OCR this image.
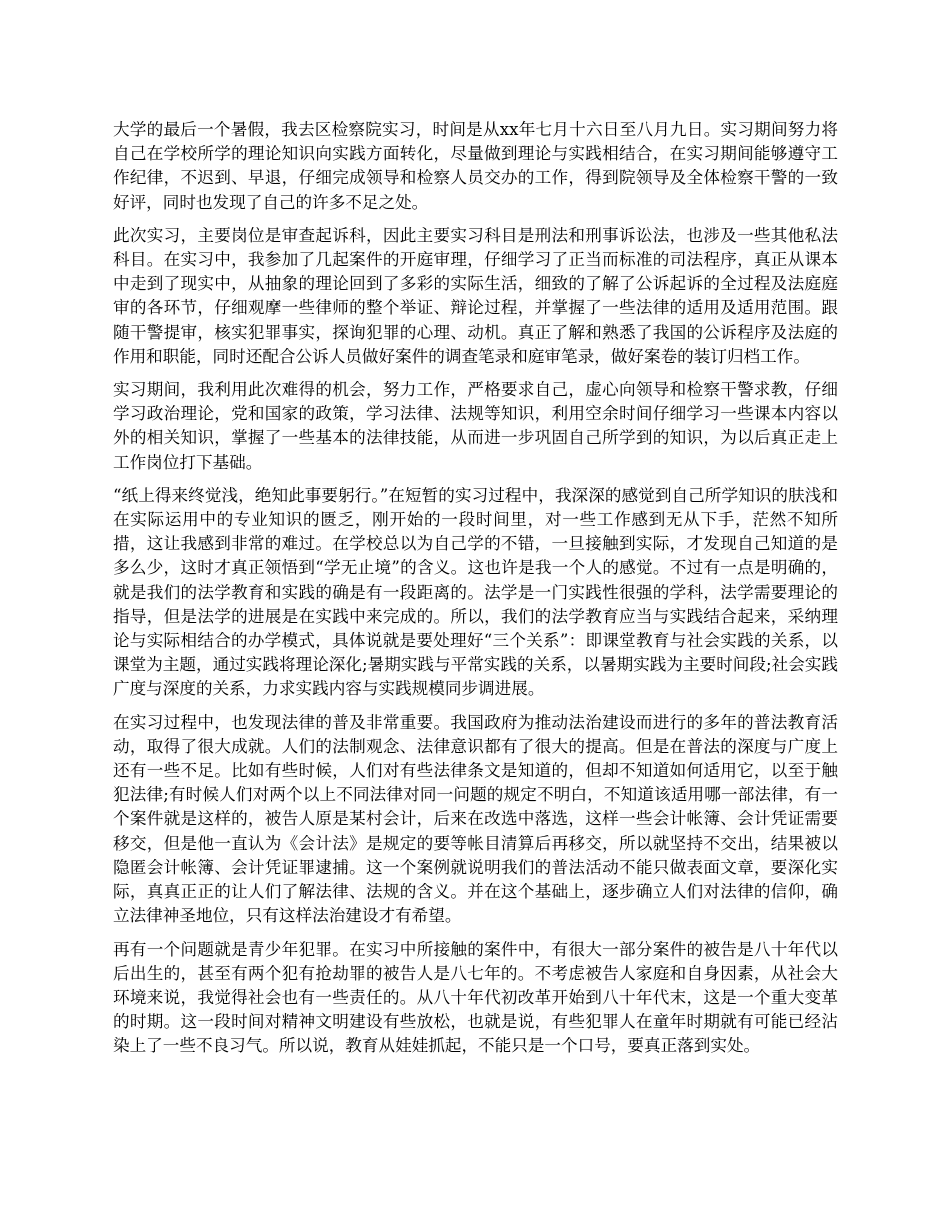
大学的最后一个暑假，我去区检察院实习，时间是从xx年七月十六日至八月九日。实习期间努力将自己在学校所学的理论知识向实践方面转化，尽量做到理论与实践相结合，在实习期间能够遵守工作纪律，不迟到、早退，仔细完成领导和检察人员交办的工作，得到院领导及全体检察干警的一致好评，同时也发现了自己的许多不足之处。

此次实习，主要岗位是审查起诉科，因此主要实习科目是刑法和刑事诉讼法，也涉及一些其他私法科目。在实习中，我参加了几起案件的开庭审理，仔细学习了正当而标准的司法程序，真正从课本中走到了现实中，从抽象的理论回到了多彩的实际生活，细致的了解了公诉起诉的全过程及法庭庭审的各环节，仔细观摩一些律师的整个举证、辩论过程，并掌握了一些法律的适用及适用范围。跟随干警提审，核实犯罪事实，探询犯罪的心理、动机。真正了解和熟悉了我国的公诉程序及法庭的作用和职能，同时还配合公诉人员做好案件的调查笔录和庭审笔录，做好案卷的装订归档工作。

实习期间，我利用此次难得的机会，努力工作，严格要求自己，虚心向领导和检察干警求教，仔细学习政治理论，党和国家的政策，学习法律、法规等知识，利用空余时间仔细学习一些课本内容以外的相关知识，掌握了一些基本的法律技能，从而进一步巩固自己所学到的知识，为以后真正走上工作岗位打下基础。

“纸上得来终觉浅，绝知此事要躬行。”在短暂的实习过程中，我深深的感觉到自己所学知识的肤浅和在实际运用中的专业知识的匮乏，刚开始的一段时间里，对一些工作感到无从下手，茫然不知所措，这让我感到非常的难过。在学校总以为自己学的不错，一旦接触到实际，才发现自己知道的是多么少，这时才真正领悟到“学无止境”的含义。这也许是我一个人的感觉。不过有一点是明确的，就是我们的法学教育和实践的确是有一段距离的。法学是一门实践性很强的学科，法学需要理论的指导，但是法学的进展是在实践中来完成的。所以，我们的法学教育应当与实践结合起来，采纳理论与实际相结合的办学模式，具体说就是要处理好“三个关系”：即课堂教育与社会实践的关系，以课堂为主题，通过实践将理论深化;暑期实践与平常实践的关系，以暑期实践为主要时间段;社会实践广度与深度的关系，力求实践内容与实践规模同步调进展。

在实习过程中，也发现法律的普及非常重要。我国政府为推动法治建设而进行的多年的普法教育活动，取得了很大成就。人们的法制观念、法律意识都有了很大的提高。但是在普法的深度与广度上还有一些不足。比如有些时候，人们对有些法律条文是知道的，但却不知道如何适用它，以至于触犯法律;有时候人们对两个以上不同法律对同一问题的规定不明白，不知道该适用哪一部法律，有一个案件就是这样的，被告人原是某村会计，后来在改选中落选，这样一些会计帐簿、会计凭证需要移交，但是他一直认为《会计法》是规定的要等帐目清算后再移交，所以就坚持不交出，结果被以隐匿会计帐簿、会计凭证罪逮捕。这一个案例就说明我们的普法活动不能只做表面文章，要深化实际，真真正正的让人们了解法律、法规的含义。并在这个基础上，逐步确立人们对法律的信仰，确立法律神圣地位，只有这样法治建设才有希望。

再有一个问题就是青少年犯罪。在实习中所接触的案件中，有很大一部分案件的被告是八十年代以后出生的，甚至有两个犯有抢劫罪的被告人是八七年的。不考虑被告人家庭和自身因素，从社会大环境来说，我觉得社会也有一些责任的。从八十年代初改革开始到八十年代末，这是一个重大变革的时期。这一段时间对精神文明建设有些放松，也就是说，有些犯罪人在童年时期就有可能已经沾染上了一些不良习气。所以说，教育从娃娃抓起，不能只是一个口号，要真正落到实处。
